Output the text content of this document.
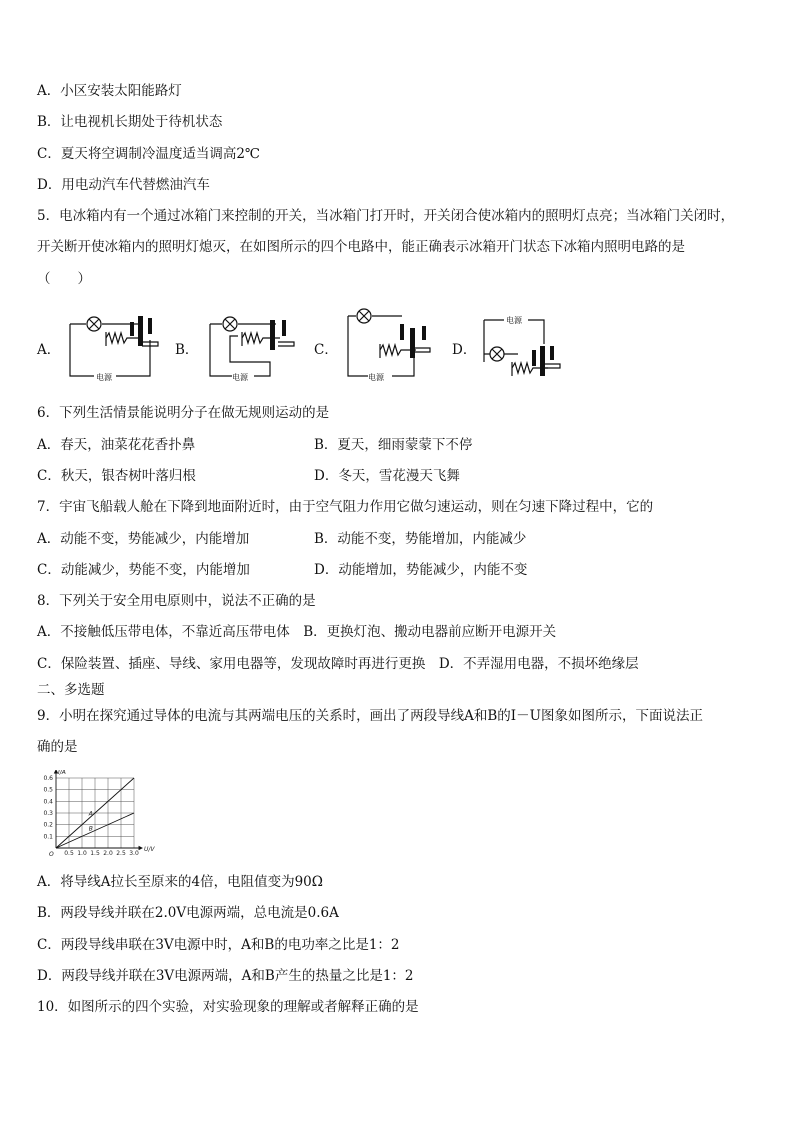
A．小区安装太阳能路灯
B．让电视机长期处于待机状态
C．夏天将空调制冷温度适当调高2℃
D．用电动汽车代替燃油汽车
5．电冰箱内有一个通过冰箱门来控制的开关，当冰箱门打开时，开关闭合使冰箱内的照明灯点亮；当冰箱门关闭时，
开关断开使冰箱内的照明灯熄灭，在如图所示的四个电路中，能正确表示冰箱开门状态下冰箱内照明电路的是
（　　）
A．	B．	C．	D．
电源	电源	电源
电源
6．下列生活情景能说明分子在做无规则运动的是
A．春天，油菜花花香扑鼻	B．夏天，细雨蒙蒙下不停
C．秋天，银杏树叶落归根	D．冬天，雪花漫天飞舞
7．宇宙飞船载人舱在下降到地面附近时，由于空气阻力作用它做匀速运动，则在匀速下降过程中，它的
A．动能不变，势能减少，内能增加	B．动能不变，势能增加，内能减少
C．动能减少，势能不变，内能增加	D．动能增加，势能减少，内能不变
8．下列关于安全用电原则中，说法不正确的是
A．不接触低压带电体，不靠近高压带电体　B．更换灯泡、搬动电器前应断开电源开关
C．保险装置、插座、导线、家用电器等，发现故障时再进行更换　D．不弄湿用电器，不损坏绝缘层
二、多选题
9．小明在探究通过导体的电流与其两端电压的关系时，画出了两段导线A和B的I－U图象如图所示，下面说法正
确的是
0.5 1.0 1.5 2.0 2.5 3.0
0.1
0.2
0.3
0.4
0.5
0.6
U/V
I/A
O
A
B
A．将导线A拉长至原来的4倍，电阻值变为90Ω
B．两段导线并联在2.0V电源两端，总电流是0.6A
C．两段导线串联在3V电源中时，A和B的电功率之比是1：2
D．两段导线并联在3V电源两端，A和B产生的热量之比是1：2
10．如图所示的四个实验，对实验现象的理解或者解释正确的是
